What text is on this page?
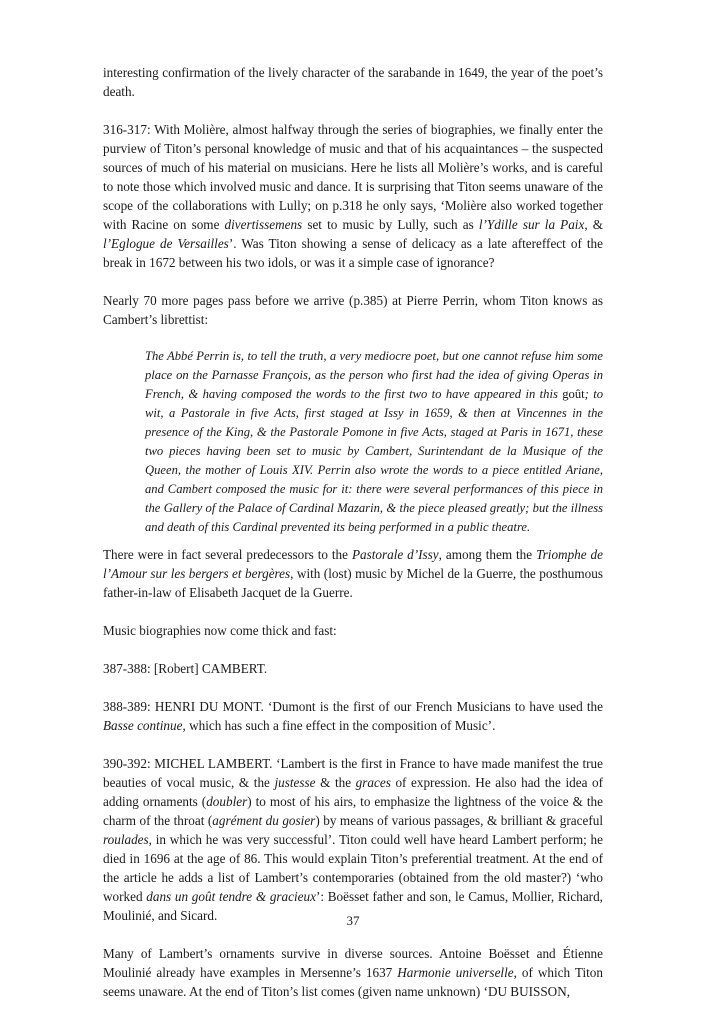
interesting confirmation of the lively character of the sarabande in 1649, the year of the poet’s death.

316-317: With Molière, almost halfway through the series of biographies, we finally enter the purview of Titon’s personal knowledge of music and that of his acquaintances – the suspected sources of much of his material on musicians. Here he lists all Molière’s works, and is careful to note those which involved music and dance. It is surprising that Titon seems unaware of the scope of the collaborations with Lully; on p.318 he only says, ‘Molière also worked together with Racine on some divertissemens set to music by Lully, such as l’Ydille sur la Paix, & l’Eglogue de Versailles’. Was Titon showing a sense of delicacy as a late aftereffect of the break in 1672 between his two idols, or was it a simple case of ignorance?

Nearly 70 more pages pass before we arrive (p.385) at Pierre Perrin, whom Titon knows as Cambert’s librettist:

The Abbé Perrin is, to tell the truth, a very mediocre poet, but one cannot refuse him some place on the Parnasse François, as the person who first had the idea of giving Operas in French, & having composed the words to the first two to have appeared in this goût; to wit, a Pastorale in five Acts, first staged at Issy in 1659, & then at Vincennes in the presence of the King, & the Pastorale Pomone in five Acts, staged at Paris in 1671, these two pieces having been set to music by Cambert, Surintendant de la Musique of the Queen, the mother of Louis XIV. Perrin also wrote the words to a piece entitled Ariane, and Cambert composed the music for it: there were several performances of this piece in the Gallery of the Palace of Cardinal Mazarin, & the piece pleased greatly; but the illness and death of this Cardinal prevented its being performed in a public theatre.

There were in fact several predecessors to the Pastorale d’Issy, among them the Triomphe de l’Amour sur les bergers et bergères, with (lost) music by Michel de la Guerre, the posthumous father-in-law of Elisabeth Jacquet de la Guerre.

Music biographies now come thick and fast:

387-388: [Robert] CAMBERT.

388-389: HENRI DU MONT. ‘Dumont is the first of our French Musicians to have used the Basse continue, which has such a fine effect in the composition of Music’.

390-392: MICHEL LAMBERT. ‘Lambert is the first in France to have made manifest the true beauties of vocal music, & the justesse & the graces of expression. He also had the idea of adding ornaments (doubler) to most of his airs, to emphasize the lightness of the voice & the charm of the throat (agrément du gosier) by means of various passages, & brilliant & graceful roulades, in which he was very successful’. Titon could well have heard Lambert perform; he died in 1696 at the age of 86. This would explain Titon’s preferential treatment. At the end of the article he adds a list of Lambert’s contemporaries (obtained from the old master?) ‘who worked dans un goût tendre & gracieux’: Boësset father and son, le Camus, Mollier, Richard, Moulinié, and Sicard.

Many of Lambert’s ornaments survive in diverse sources. Antoine Boësset and Étienne Moulinié already have examples in Mersenne’s 1637 Harmonie universelle, of which Titon seems unaware. At the end of Titon’s list comes (given name unknown) ‘DU BUISSON,

37
